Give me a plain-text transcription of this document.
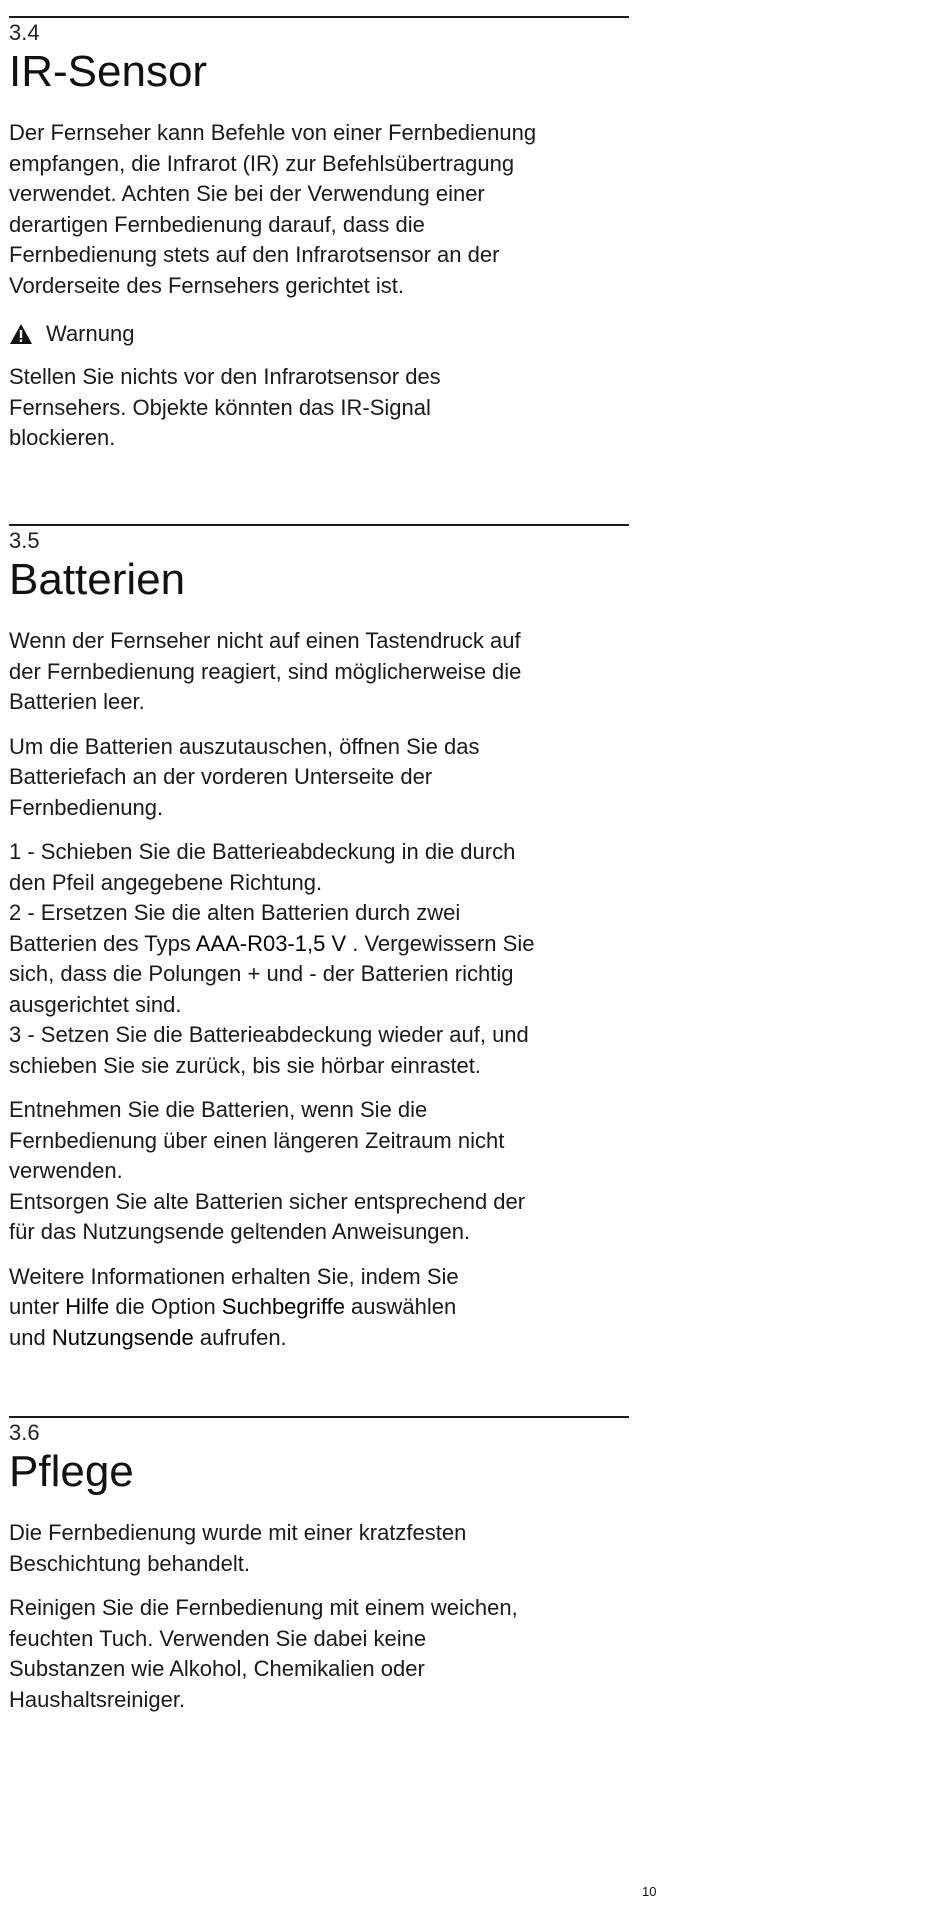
3.4
IR-Sensor

Der Fernseher kann Befehle von einer Fernbedienung
empfangen, die Infrarot (IR) zur Befehlsübertragung
verwendet. Achten Sie bei der Verwendung einer
derartigen Fernbedienung darauf, dass die
Fernbedienung stets auf den Infrarotsensor an der
Vorderseite des Fernsehers gerichtet ist.

Warnung

Stellen Sie nichts vor den Infrarotsensor des
Fernsehers. Objekte könnten das IR-Signal
blockieren.

3.5
Batterien

Wenn der Fernseher nicht auf einen Tastendruck auf
der Fernbedienung reagiert, sind möglicherweise die
Batterien leer.

Um die Batterien auszutauschen, öffnen Sie das
Batteriefach an der vorderen Unterseite der
Fernbedienung.

1 - Schieben Sie die Batterieabdeckung in die durch
den Pfeil angegebene Richtung.
2 - Ersetzen Sie die alten Batterien durch zwei
Batterien des Typs AAA-R03-1,5 V . Vergewissern Sie
sich, dass die Polungen + und - der Batterien richtig
ausgerichtet sind.
3 - Setzen Sie die Batterieabdeckung wieder auf, und
schieben Sie sie zurück, bis sie hörbar einrastet.

Entnehmen Sie die Batterien, wenn Sie die
Fernbedienung über einen längeren Zeitraum nicht
verwenden.
Entsorgen Sie alte Batterien sicher entsprechend der
für das Nutzungsende geltenden Anweisungen.

Weitere Informationen erhalten Sie, indem Sie
unter Hilfe die Option Suchbegriffe auswählen
und Nutzungsende aufrufen.

3.6
Pflege

Die Fernbedienung wurde mit einer kratzfesten
Beschichtung behandelt.

Reinigen Sie die Fernbedienung mit einem weichen,
feuchten Tuch. Verwenden Sie dabei keine
Substanzen wie Alkohol, Chemikalien oder
Haushaltsreiniger.

10
